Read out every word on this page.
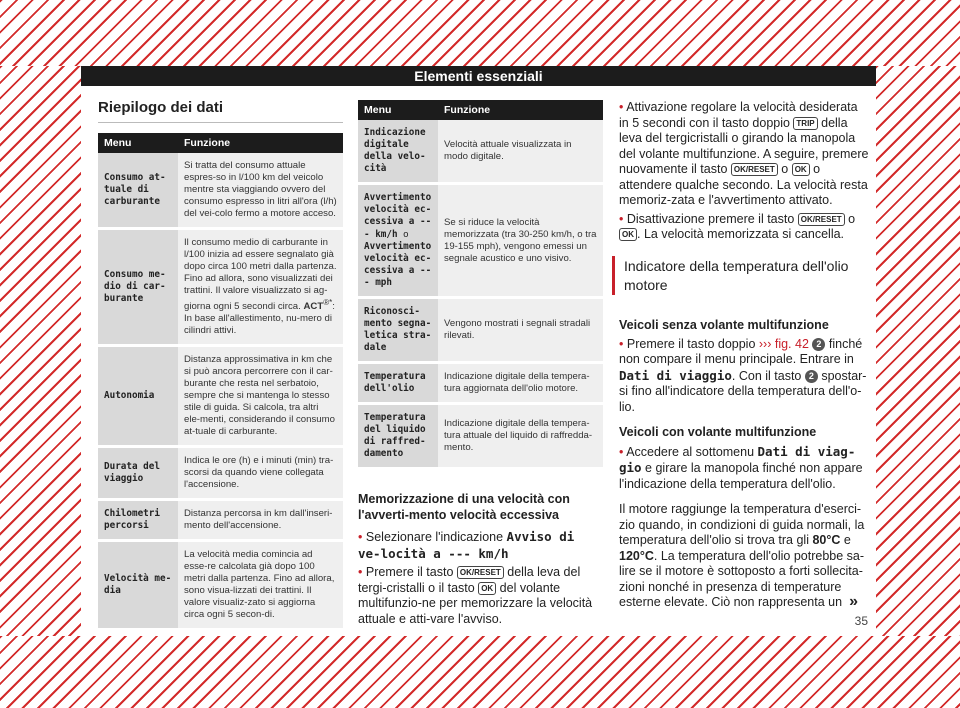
Elementi essenziali
Riepilogo dei dati
Menu	Funzione
Consumo at-tuale di carburante	Si tratta del consumo attuale espres-so in l/100 km del veicolo mentre sta viaggiando ovvero del consumo espresso in litri all'ora (l/h) del vei-colo fermo a motore acceso.
Consumo me-dio di car-burante	Il consumo medio di carburante in l/100 inizia ad essere segnalato già dopo circa 100 metri dalla partenza. Fino ad allora, sono visualizzati dei trattini. Il valore visualizzato si ag-giorna ogni 5 secondi circa. ACT®*: In base all'allestimento, nu-mero di cilindri attivi.
Autonomia	Distanza approssimativa in km che si può ancora percorrere con il car-burante che resta nel serbatoio, sempre che si mantenga lo stesso stile di guida. Si calcola, tra altri ele-menti, considerando il consumo at-tuale di carburante.
Durata del viaggio	Indica le ore (h) e i minuti (min) tra-scorsi da quando viene collegata l'accensione.
Chilometri percorsi	Distanza percorsa in km dall'inseri-mento dell'accensione.
Velocità me-dia	La velocità media comincia ad esse-re calcolata già dopo 100 metri dalla partenza. Fino ad allora, sono visua-lizzati dei trattini. Il valore visualiz-zato si aggiorna circa ogni 5 secon-di.
Menu	Funzione
Indicazione digitale della velo-cità	Velocità attuale visualizzata in modo digitale.
Avvertimento velocità ec-cessiva a --- km/h o Avvertimento velocità ec-cessiva a --- mph	Se si riduce la velocità memorizzata (tra 30-250 km/h, o tra 19-155 mph), vengono emessi un segnale acustico e uno visivo.
Riconosci-mento segna-letica stra-dale	Vengono mostrati i segnali stradali rilevati.
Temperatura dell'olio	Indicazione digitale della tempera-tura aggiornata dell'olio motore.
Temperatura del liquido di raffred-damento	Indicazione digitale della tempera-tura attuale del liquido di raffredda-mento.
Memorizzazione di una velocità con l'avverti-mento velocità eccessiva
• Selezionare l'indicazione Avviso di ve-locità a --- km/h
• Premere il tasto OK/RESET della leva del tergi-cristalli o il tasto OK del volante multifunzio-ne per memorizzare la velocità attuale e atti-vare l'avviso.
• Attivazione regolare la velocità desiderata in 5 secondi con il tasto doppio TRIP della leva del tergicristalli o girando la manopola del volante multifunzione. A seguire, premere nuovamente il tasto OK/RESET o OK o attendere qualche secondo. La velocità resta memoriz-zata e l'avvertimento attivato.
• Disattivazione premere il tasto OK/RESET o OK . La velocità memorizzata si cancella.
Indicatore della temperatura dell'olio motore
Veicoli senza volante multifunzione
• Premere il tasto doppio ››› fig. 42 2 finché non compare il menu principale. Entrare in Dati di viaggio. Con il tasto 2 spostar-si fino all'indicatore della temperatura dell'o-lio.
Veicoli con volante multifunzione
• Accedere al sottomenu Dati di viag-gio e girare la manopola finché non appare l'indicazione della temperatura dell'olio.
Il motore raggiunge la temperatura d'eserci-zio quando, in condizioni di guida normali, la temperatura dell'olio si trova tra gli 80°C e 120°C. La temperatura dell'olio potrebbe sa-lire se il motore è sottoposto a forti sollecita-zioni nonché in presenza di temperature esterne elevate. Ciò non rappresenta un »
35
